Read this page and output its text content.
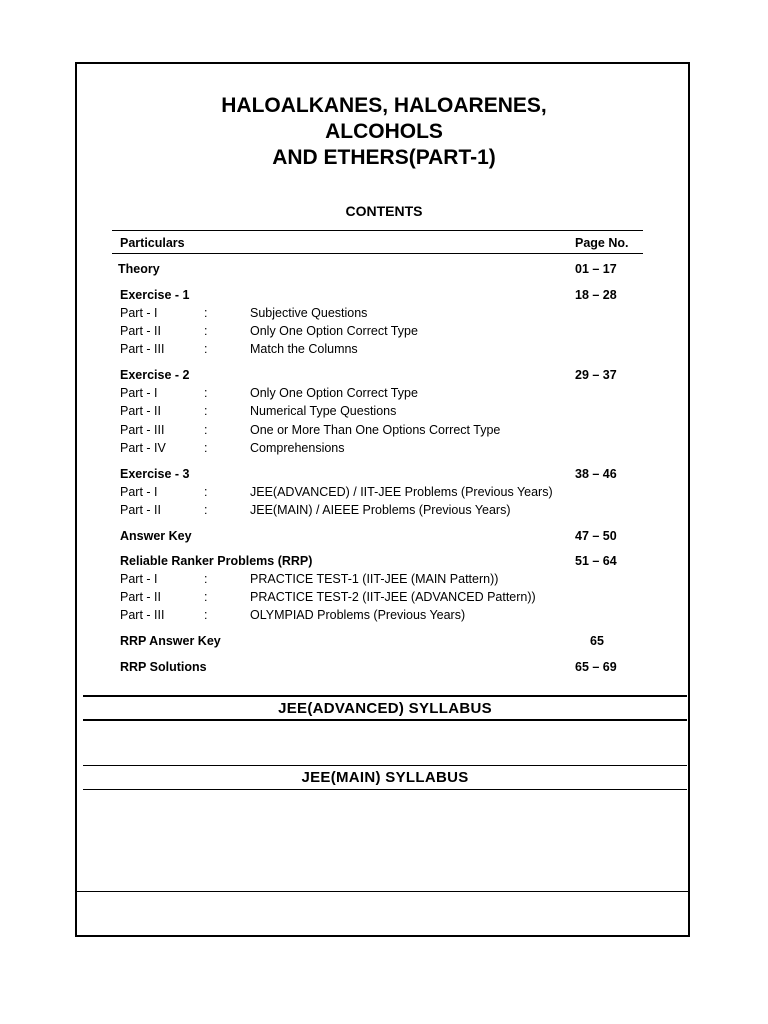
HALOALKANES, HALOARENES,
ALCOHOLS
AND ETHERS(PART-1)
CONTENTS
Particulars	Page No.
Theory	01 – 17
Exercise - 1	18 – 28
Part - I	:	Subjective Questions
Part - II	:	Only One Option Correct Type
Part - III	:	Match the Columns
Exercise - 2	29 – 37
Part - I	:	Only One Option Correct Type
Part - II	:	Numerical Type Questions
Part - III	:	One or More Than One Options Correct Type
Part - IV	:	Comprehensions
Exercise - 3	38 – 46
Part - I	:	JEE(ADVANCED) / IIT-JEE Problems (Previous Years)
Part - II	:	JEE(MAIN) / AIEEE Problems (Previous Years)
Answer Key	47 – 50
Reliable Ranker Problems (RRP)	51 – 64
Part - I	:	PRACTICE TEST-1 (IIT-JEE (MAIN Pattern))
Part - II	:	PRACTICE TEST-2 (IIT-JEE (ADVANCED Pattern))
Part - III	:	OLYMPIAD Problems (Previous Years)
RRP Answer Key	65
RRP Solutions	65 – 69
JEE(ADVANCED) SYLLABUS
JEE(MAIN) SYLLABUS
